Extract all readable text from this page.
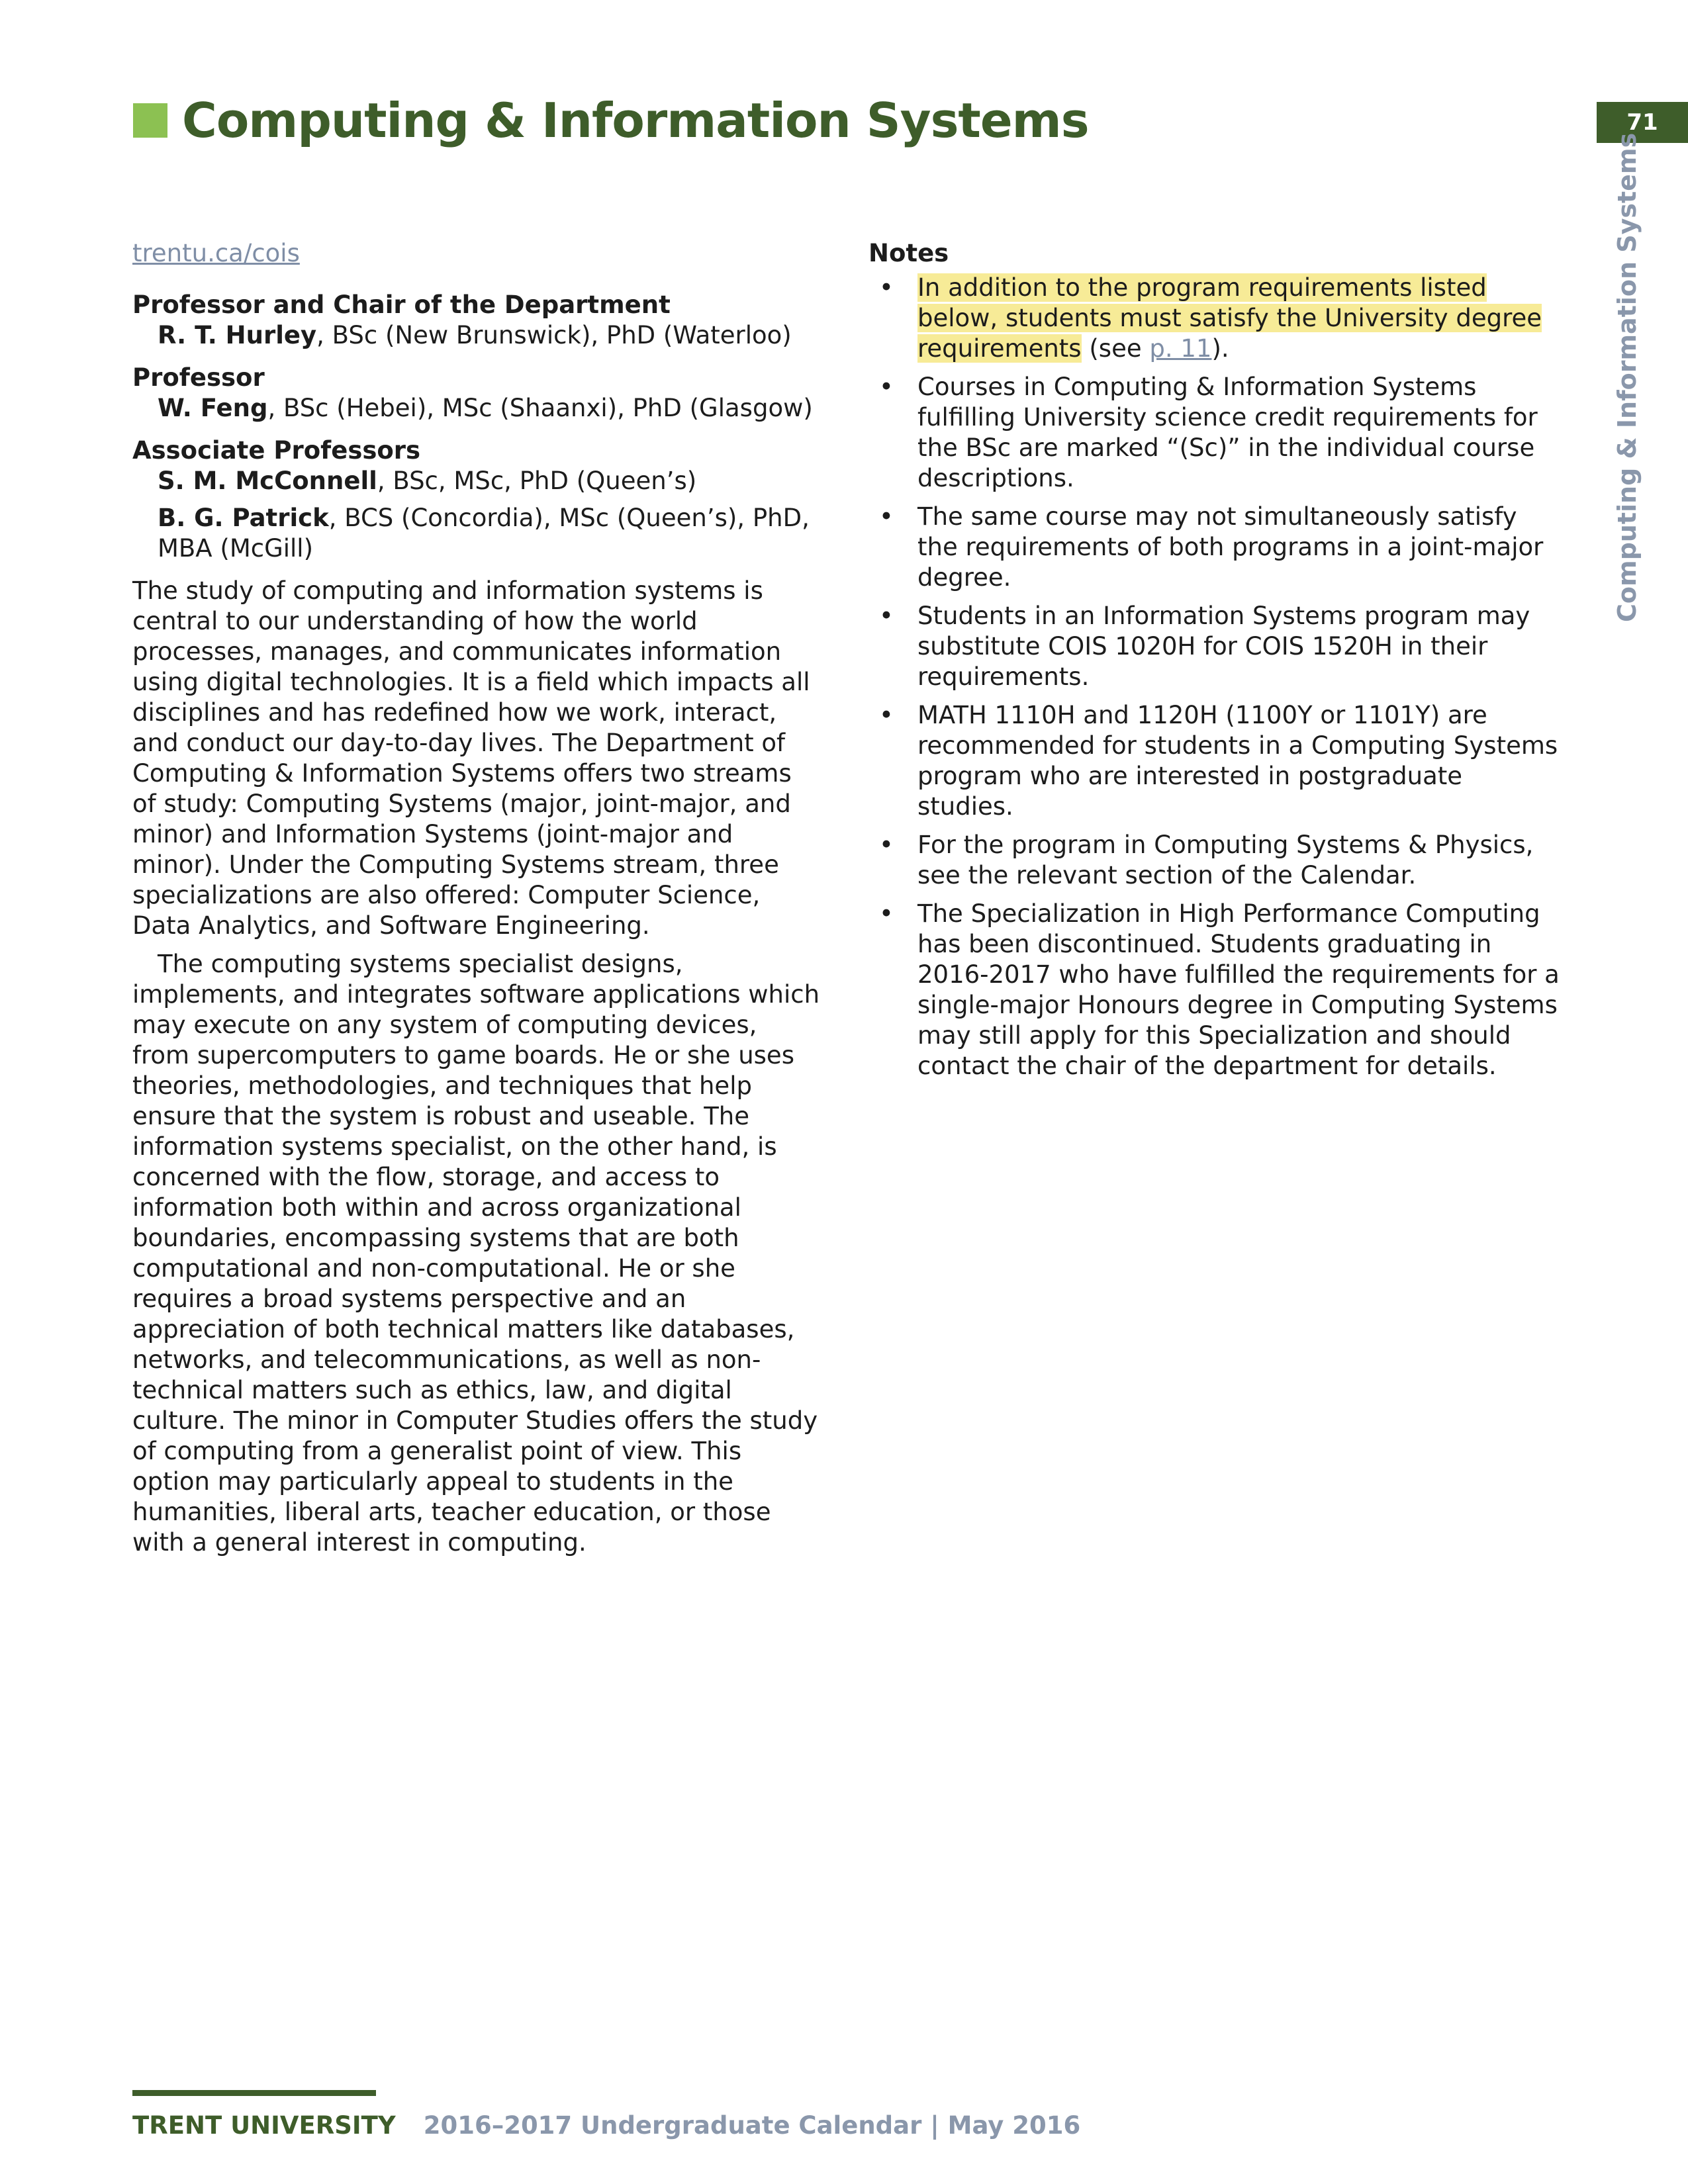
Computing & Information Systems	71
Computing & Information Systems
trentu.ca/cois
Professor and Chair of the Department
R. T. Hurley, BSc (New Brunswick), PhD (Waterloo)
Professor
W. Feng, BSc (Hebei), MSc (Shaanxi), PhD (Glasgow)
Associate Professors
S. M. McConnell, BSc, MSc, PhD (Queen’s)
B. G. Patrick, BCS (Concordia), MSc (Queen’s), PhD, MBA (McGill)

The study of computing and information systems is central to our understanding of how the world processes, manages, and communicates information using digital technologies. It is a field which impacts all disciplines and has redefined how we work, interact, and conduct our day-to-day lives. The Department of Computing & Information Systems offers two streams of study: Computing Systems (major, joint-major, and minor) and Information Systems (joint-major and minor). Under the Computing Systems stream, three specializations are also offered: Computer Science, Data Analytics, and Software Engineering.

The computing systems specialist designs, implements, and integrates software applications which may execute on any system of computing devices, from supercomputers to game boards. He or she uses theories, methodologies, and techniques that help ensure that the system is robust and useable. The information systems specialist, on the other hand, is concerned with the flow, storage, and access to information both within and across organizational boundaries, encompassing systems that are both computational and non-computational. He or she requires a broad systems perspective and an appreciation of both technical matters like databases, networks, and telecommunications, as well as non-technical matters such as ethics, law, and digital culture. The minor in Computer Studies offers the study of computing from a generalist point of view. This option may particularly appeal to students in the humanities, liberal arts, teacher education, or those with a general interest in computing.

Notes
• In addition to the program requirements listed below, students must satisfy the University degree requirements (see p. 11).
• Courses in Computing & Information Systems fulfilling University science credit requirements for the BSc are marked “(Sc)” in the individual course descriptions.
• The same course may not simultaneously satisfy the requirements of both programs in a joint-major degree.
• Students in an Information Systems program may substitute COIS 1020H for COIS 1520H in their requirements.
• MATH 1110H and 1120H (1100Y or 1101Y) are recommended for students in a Computing Systems program who are interested in postgraduate studies.
• For the program in Computing Systems & Physics, see the relevant section of the Calendar.
• The Specialization in High Performance Computing has been discontinued. Students graduating in 2016-2017 who have fulfilled the requirements for a single-major Honours degree in Computing Systems may still apply for this Specialization and should contact the chair of the department for details.
TRENT UNIVERSITY 2016–2017 Undergraduate Calendar | May 2016
